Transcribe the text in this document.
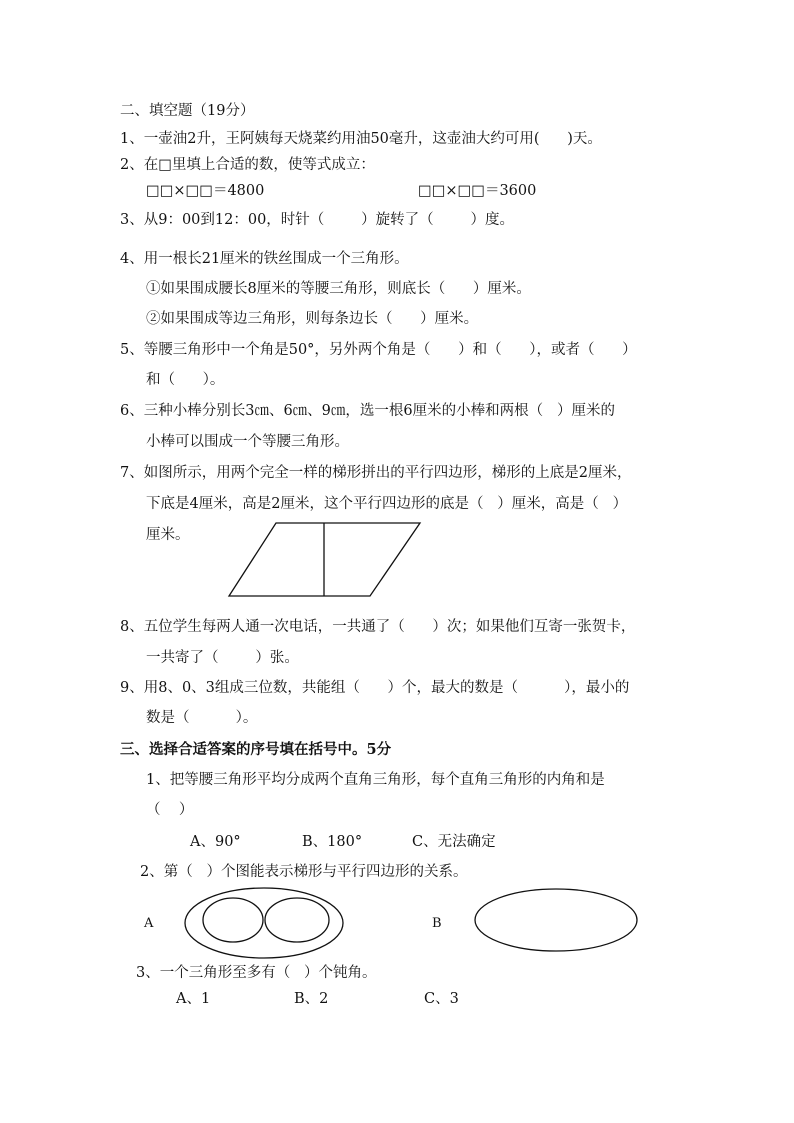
二、填空题（19分）
1、一壶油2升，王阿姨每天烧菜约用油50毫升，这壶油大约可用(      )天。
2、在□里填上合适的数，使等式成立：
□□×□□＝4800	□□×□□＝3600
3、从9：00到12：00，时针（        ）旋转了（        ）度。
4、用一根长21厘米的铁丝围成一个三角形。
①如果围成腰长8厘米的等腰三角形，则底长（      ）厘米。
②如果围成等边三角形，则每条边长（      ）厘米。
5、等腰三角形中一个角是50°，另外两个角是（      ）和（      ），或者（      ）
和（      ）。
6、三种小棒分别长3㎝、6㎝、9㎝，选一根6厘米的小棒和两根（   ）厘米的
小棒可以围成一个等腰三角形。
7、如图所示，用两个完全一样的梯形拼出的平行四边形，梯形的上底是2厘米，
下底是4厘米，高是2厘米，这个平行四边形的底是（   ）厘米，高是（   ）
厘米。
8、五位学生每两人通一次电话，一共通了（      ）次；如果他们互寄一张贺卡，
一共寄了（        ）张。
9、用8、0、3组成三位数，共能组（      ）个，最大的数是（          ），最小的
数是（          ）。
三、选择合适答案的序号填在括号中。5分
1、把等腰三角形平均分成两个直角三角形，每个直角三角形的内角和是
（    ）
A、90°	B、180°	C、无法确定
2、第（   ）个图能表示梯形与平行四边形的关系。
A	B
3、一个三角形至多有（   ）个钝角。
A、1	B、2	C、3
